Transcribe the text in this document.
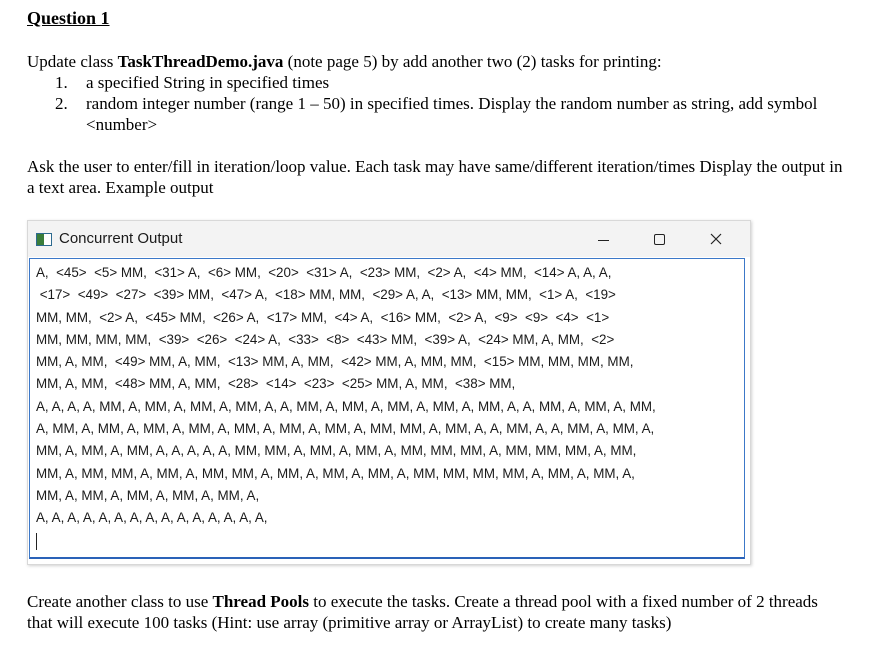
Question 1

Update class TaskThreadDemo.java (note page 5) by add another two (2) tasks for printing:

1. a specified String in specified times
2. random integer number (range 1 – 50) in specified times. Display the random number as string, add symbol <number>

Ask the user to enter/fill in iteration/loop value. Each task may have same/different iteration/times Display the output in a text area. Example output

Concurrent Output
A,  <45>  <5> MM,  <31> A,  <6> MM,  <20>  <31> A,  <23> MM,  <2> A,  <4> MM,  <14> A, A, A,
<17>  <49>  <27>  <39> MM,  <47> A,  <18> MM, MM,  <29> A, A,  <13> MM, MM,  <1> A,  <19>
MM, MM,  <2> A,  <45> MM,  <26> A,  <17> MM,  <4> A,  <16> MM,  <2> A,  <9>  <9>  <4>  <1>
MM, MM, MM, MM,  <39>  <26>  <24> A,  <33>  <8>  <43> MM,  <39> A,  <24> MM, A, MM,  <2>
MM, A, MM,  <49> MM, A, MM,  <13> MM, A, MM,  <42> MM, A, MM, MM,  <15> MM, MM, MM, MM,
MM, A, MM,  <48> MM, A, MM,  <28>  <14>  <23>  <25> MM, A, MM,  <38> MM,
A, A, A, A, MM, A, MM, A, MM, A, MM, A, A, MM, A, MM, A, MM, A, MM, A, MM, A, A, MM, A, MM, A, MM,
A, MM, A, MM, A, MM, A, MM, A, MM, A, MM, A, MM, A, MM, MM, A, MM, A, A, MM, A, A, MM, A, MM, A,
MM, A, MM, A, MM, A, A, A, A, A, MM, MM, A, MM, A, MM, A, MM, MM, MM, A, MM, MM, MM, A, MM,
MM, A, MM, MM, A, MM, A, MM, MM, A, MM, A, MM, A, MM, A, MM, MM, MM, MM, A, MM, A, MM, A,
MM, A, MM, A, MM, A, MM, A, MM, A,
A, A, A, A, A, A, A, A, A, A, A, A, A, A, A,

Create another class to use Thread Pools to execute the tasks. Create a thread pool with a fixed number of 2 threads that will execute 100 tasks (Hint: use array (primitive array or ArrayList) to create many tasks)
